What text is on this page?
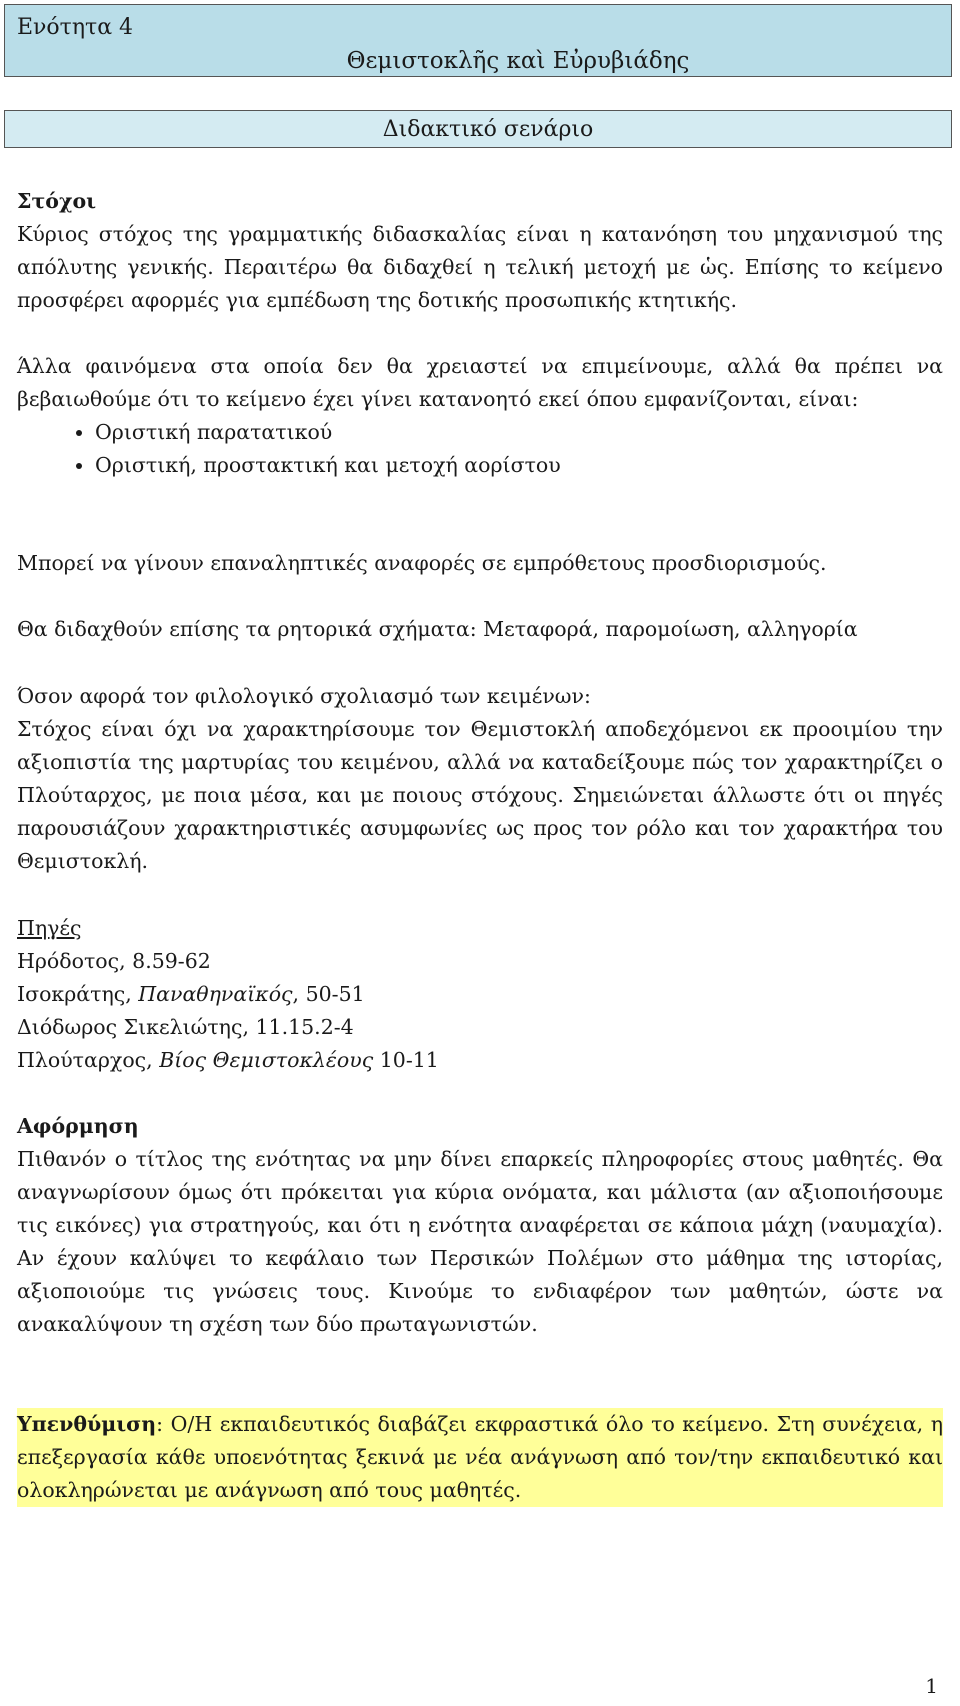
Ενότητα 4
Θεμιστοκλῆς καὶ Εὐρυβιάδης
Διδακτικό σενάριο

Στόχοι

Κύριος στόχος της γραμματικής διδασκαλίας είναι η κατανόηση του μηχανισμού της απόλυτης γενικής. Περαιτέρω θα διδαχθεί η τελική μετοχή με ὡς. Επίσης το κείμενο προσφέρει αφορμές για εμπέδωση της δοτικής προσωπικής κτητικής.

Άλλα φαινόμενα στα οποία δεν θα χρειαστεί να επιμείνουμε, αλλά θα πρέπει να βεβαιωθούμε ότι το κείμενο έχει γίνει κατανοητό εκεί όπου εμφανίζονται, είναι:

• Οριστική παρατατικού
• Οριστική, προστακτική και μετοχή αορίστου

Μπορεί να γίνουν επαναληπτικές αναφορές σε εμπρόθετους προσδιορισμούς.

Θα διδαχθούν επίσης τα ρητορικά σχήματα: Μεταφορά, παρομοίωση, αλληγορία

Όσον αφορά τον φιλολογικό σχολιασμό των κειμένων:

Στόχος είναι όχι να χαρακτηρίσουμε τον Θεμιστοκλή αποδεχόμενοι εκ προοιμίου την αξιοπιστία της μαρτυρίας του κειμένου, αλλά να καταδείξουμε πώς τον χαρακτηρίζει ο Πλούταρχος, με ποια μέσα, και με ποιους στόχους. Σημειώνεται άλλωστε ότι οι πηγές παρουσιάζουν χαρακτηριστικές ασυμφωνίες ως προς τον ρόλο και τον χαρακτήρα του Θεμιστοκλή.

Πηγές

Ηρόδοτος, 8.59-62

Ισοκράτης, Παναθηναϊκός, 50-51

Διόδωρος Σικελιώτης, 11.15.2-4

Πλούταρχος, Βίος Θεμιστοκλέους 10-11

Αφόρμηση

Πιθανόν ο τίτλος της ενότητας να μην δίνει επαρκείς πληροφορίες στους μαθητές. Θα αναγνωρίσουν όμως ότι πρόκειται για κύρια ονόματα, και μάλιστα (αν αξιοποιήσουμε τις εικόνες) για στρατηγούς, και ότι η ενότητα αναφέρεται σε κάποια μάχη (ναυμαχία). Αν έχουν καλύψει το κεφάλαιο των Περσικών Πολέμων στο μάθημα της ιστορίας, αξιοποιούμε τις γνώσεις τους. Κινούμε το ενδιαφέρον των μαθητών, ώστε να ανακαλύψουν τη σχέση των δύο πρωταγωνιστών.

Υπενθύμιση: Ο/Η εκπαιδευτικός διαβάζει εκφραστικά όλο το κείμενο. Στη συνέχεια, η επεξεργασία κάθε υποενότητας ξεκινά με νέα ανάγνωση από τον/την εκπαιδευτικό και ολοκληρώνεται με ανάγνωση από τους μαθητές.

1
